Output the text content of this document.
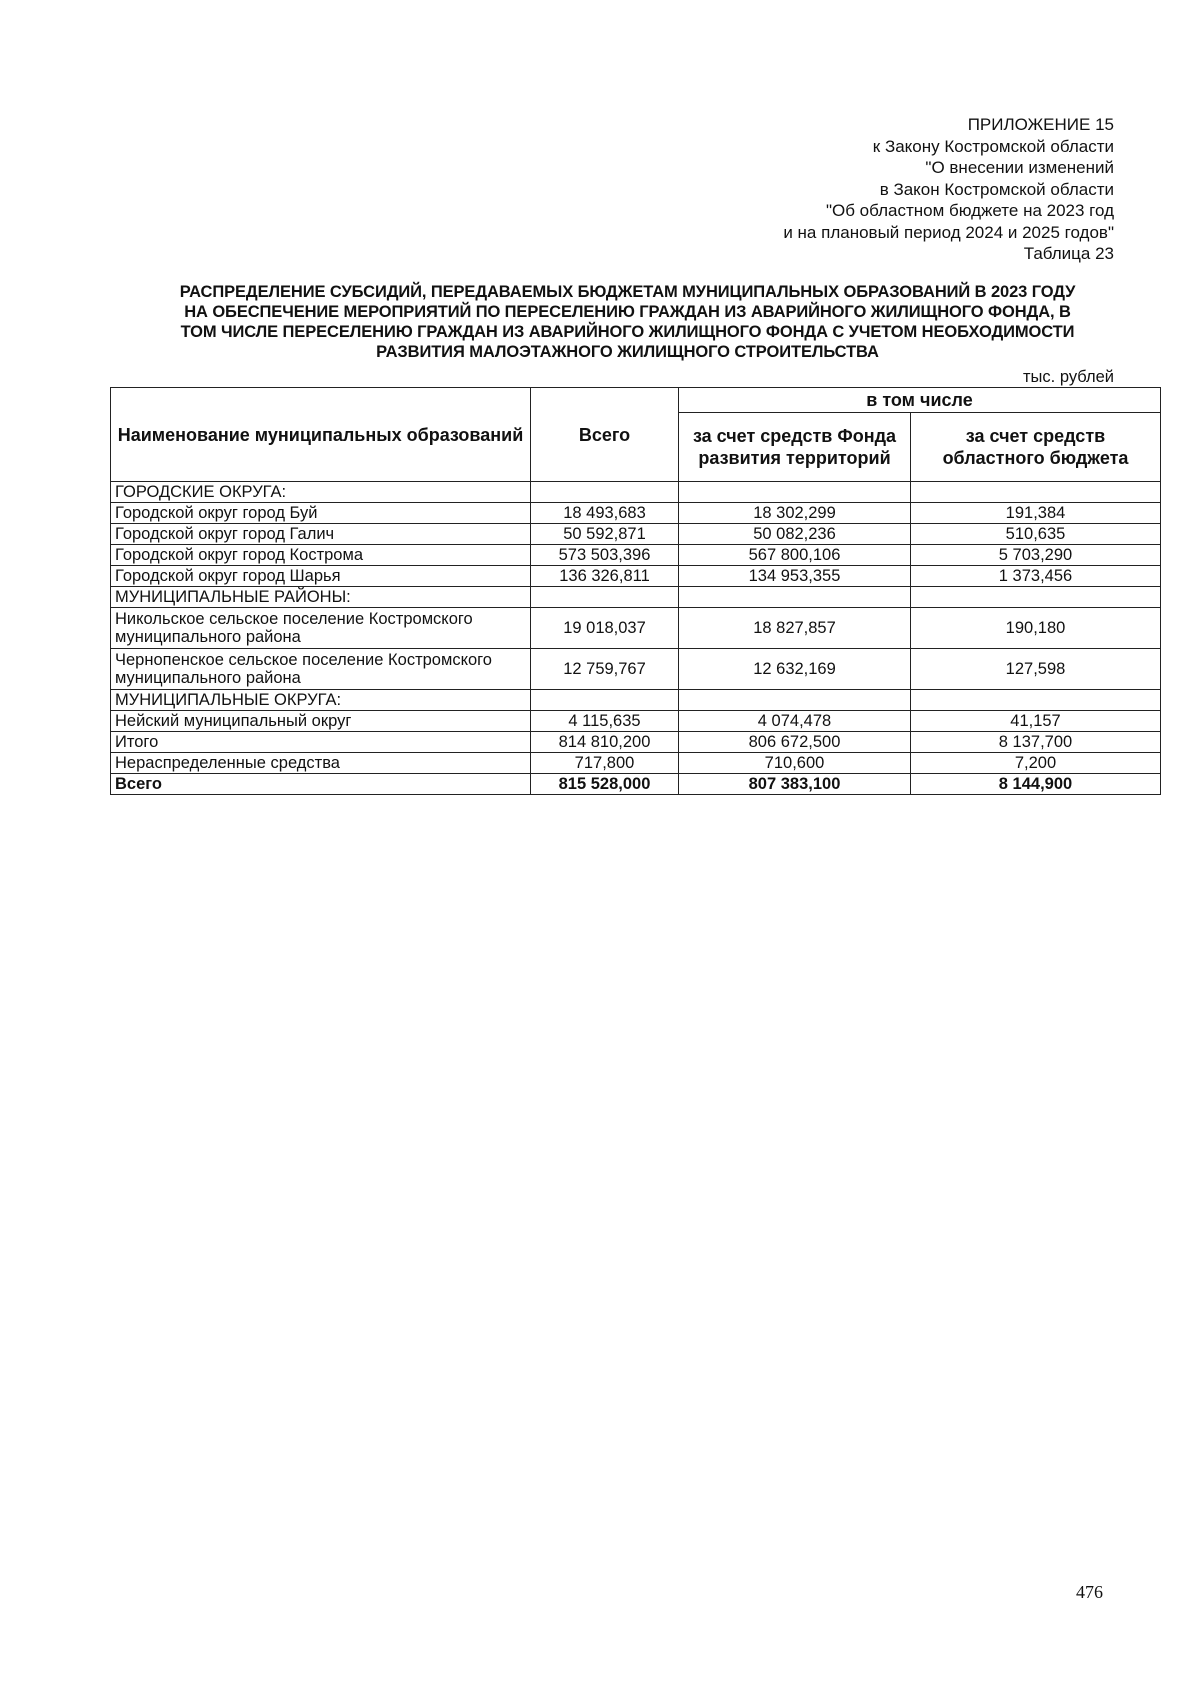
ПРИЛОЖЕНИЕ 15
к Закону Костромской области
"О внесении изменений
в Закон Костромской области
"Об областном бюджете на 2023 год
и на плановый период 2024 и 2025 годов"
Таблица 23
РАСПРЕДЕЛЕНИЕ СУБСИДИЙ, ПЕРЕДАВАЕМЫХ БЮДЖЕТАМ МУНИЦИПАЛЬНЫХ ОБРАЗОВАНИЙ В 2023 ГОДУ
НА ОБЕСПЕЧЕНИЕ МЕРОПРИЯТИЙ ПО ПЕРЕСЕЛЕНИЮ ГРАЖДАН ИЗ АВАРИЙНОГО ЖИЛИЩНОГО ФОНДА, В
ТОМ ЧИСЛЕ ПЕРЕСЕЛЕНИЮ ГРАЖДАН ИЗ АВАРИЙНОГО ЖИЛИЩНОГО ФОНДА С УЧЕТОМ НЕОБХОДИМОСТИ
РАЗВИТИЯ МАЛОЭТАЖНОГО ЖИЛИЩНОГО СТРОИТЕЛЬСТВА
тыс. рублей
Наименование муниципальных образований	Всего	в том числе	
		за счет средств Фонда развития территорий	за счет средств областного бюджета
ГОРОДСКИЕ ОКРУГА:			
Городской округ город Буй	18 493,683	18 302,299	191,384
Городской округ город Галич	50 592,871	50 082,236	510,635
Городской округ город Кострома	573 503,396	567 800,106	5 703,290
Городской округ город Шарья	136 326,811	134 953,355	1 373,456
МУНИЦИПАЛЬНЫЕ РАЙОНЫ:			
Никольское сельское поселение Костромского муниципального района	19 018,037	18 827,857	190,180
Чернопенское сельское поселение Костромского муниципального района	12 759,767	12 632,169	127,598
МУНИЦИПАЛЬНЫЕ ОКРУГА:			
Нейский муниципальный округ	4 115,635	4 074,478	41,157
Итого	814 810,200	806 672,500	8 137,700
Нераспределенные средства	717,800	710,600	7,200
Всего	815 528,000	807 383,100	8 144,900
476
